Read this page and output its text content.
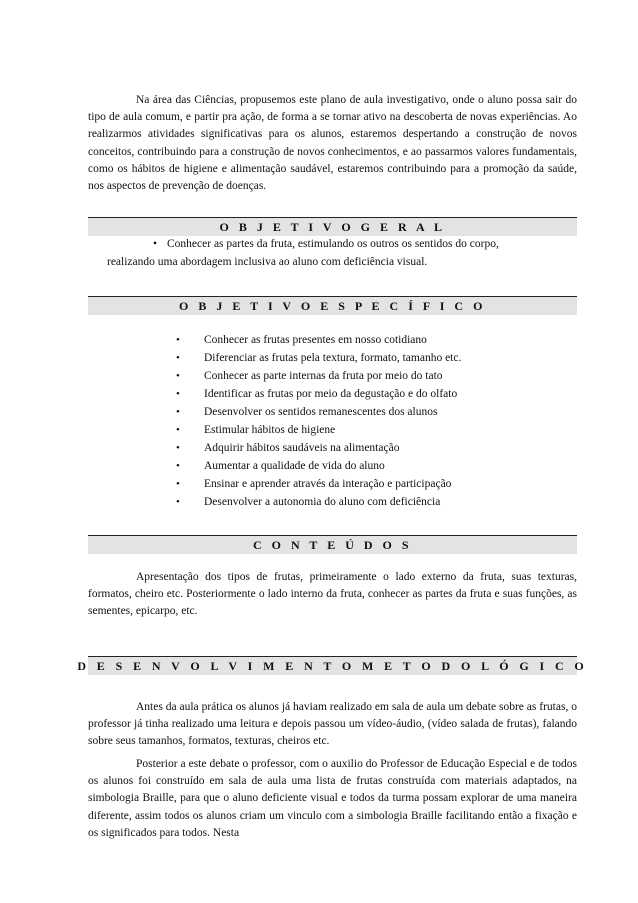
Na área das Ciências, propusemos este plano de aula investigativo, onde o aluno possa sair do tipo de aula comum, e partir pra ação, de forma a se tornar ativo na descoberta de novas experiências. Ao realizarmos atividades significativas para os alunos, estaremos despertando a construção de novos conceitos, contribuindo para a construção de novos conhecimentos, e ao passarmos valores fundamentais, como os hábitos de higiene e alimentação saudável, estaremos contribuindo para a promoção da saúde, nos aspectos de prevenção de doenças.

O B J E T I V O G E R A L
• Conhecer as partes da fruta, estimulando os outros os sentidos do corpo,
realizando uma abordagem inclusiva ao aluno com deficiência visual.
O B J E T I V O E S P E C Í F I C O
• Conhecer as frutas presentes em nosso cotidiano
• Diferenciar as frutas pela textura, formato, tamanho etc.
• Conhecer as parte internas da fruta por meio do tato
• Identificar as frutas por meio da degustação e do olfato
• Desenvolver os sentidos remanescentes dos alunos
• Estimular hábitos de higiene
• Adquirir hábitos saudáveis na alimentação
• Aumentar a qualidade de vida do aluno
• Ensinar e aprender através da interação e participação
• Desenvolver a autonomia do aluno com deficiência
C O N T E Ú D O S

Apresentação dos tipos de frutas, primeiramente o lado externo da fruta, suas texturas, formatos, cheiro etc. Posteriormente o lado interno da fruta, conhecer as partes da fruta e suas funções, as sementes, epicarpo, etc.

D E S E N V O L V I M E N T O M E T O D O L Ó G I C O

Antes da aula prática os alunos já haviam realizado em sala de aula um debate sobre as frutas, o professor já tinha realizado uma leitura e depois passou um vídeo-áudio, (vídeo salada de frutas), falando sobre seus tamanhos, formatos, texturas, cheiros etc.

Posterior a este debate o professor, com o auxilio do Professor de Educação Especial e de todos os alunos foi construído em sala de aula uma lista de frutas construída com materiais adaptados, na simbologia Braille, para que o aluno deficiente visual e todos da turma possam explorar de uma maneira diferente, assim todos os alunos criam um vinculo com a simbologia Braille facilitando então a fixação e os significados para todos. Nesta
